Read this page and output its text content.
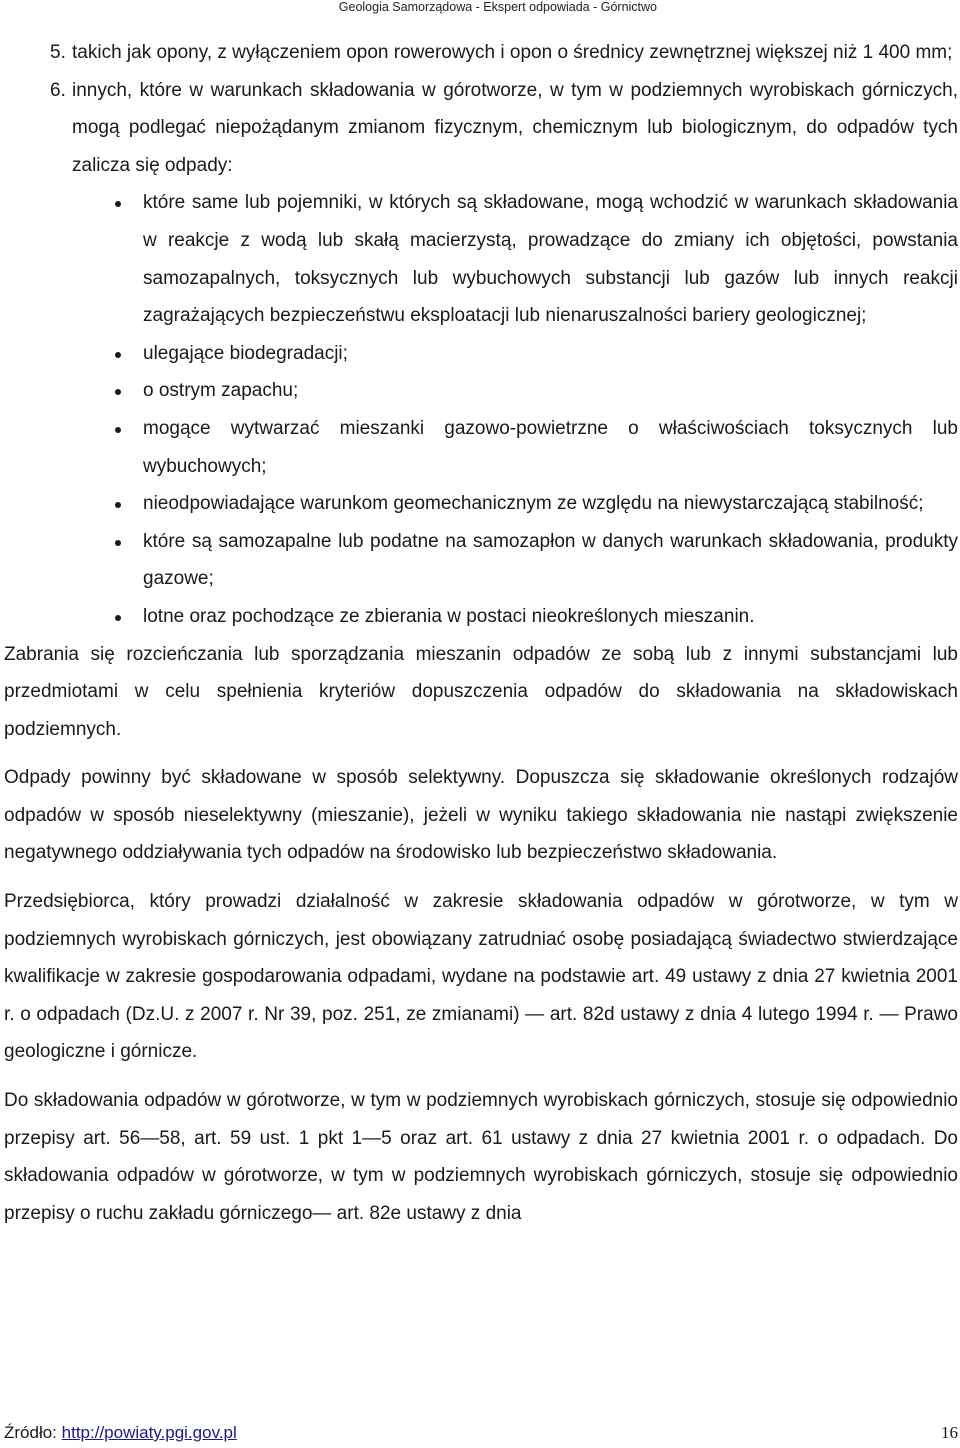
Geologia Samorządowa - Ekspert odpowiada - Górnictwo

5. takich jak opony, z wyłączeniem opon rowerowych i opon o średnicy zewnętrznej większej niż 1 400 mm;

6. innych, które w warunkach składowania w górotworze, w tym w podziemnych wyrobiskach górniczych, mogą podlegać niepożądanym zmianom fizycznym, chemicznym lub biologicznym, do odpadów tych zalicza się odpady:

które same lub pojemniki, w których są składowane, mogą wchodzić w warunkach składowania w reakcje z wodą lub skałą macierzystą, prowadzące do zmiany ich objętości, powstania samozapalnych, toksycznych lub wybuchowych substancji lub gazów lub innych reakcji zagrażających bezpieczeństwu eksploatacji lub nienaruszalności bariery geologicznej;
ulegające biodegradacji;
o ostrym zapachu;
mogące wytwarzać mieszanki gazowo-powietrzne o właściwościach toksycznych lub wybuchowych;
nieodpowiadające warunkom geomechanicznym ze względu na niewystarczającą stabilność;
które są samozapalne lub podatne na samozapłon w danych warunkach składowania, produkty gazowe;
lotne oraz pochodzące ze zbierania w postaci nieokreślonych mieszanin.

Zabrania się rozcieńczania lub sporządzania mieszanin odpadów ze sobą lub z innymi substancjami lub przedmiotami w celu spełnienia kryteriów dopuszczenia odpadów do składowania na składowiskach podziemnych.

Odpady powinny być składowane w sposób selektywny. Dopuszcza się składowanie określonych rodzajów odpadów w sposób nieselektywny (mieszanie), jeżeli w wyniku takiego składowania nie nastąpi zwiększenie negatywnego oddziaływania tych odpadów na środowisko lub bezpieczeństwo składowania.

Przedsiębiorca, który prowadzi działalność w zakresie składowania odpadów w górotworze, w tym w podziemnych wyrobiskach górniczych, jest obowiązany zatrudniać osobę posiadającą świadectwo stwierdzające kwalifikacje w zakresie gospodarowania odpadami, wydane na podstawie art. 49 ustawy z dnia 27 kwietnia 2001 r. o odpadach (Dz.U. z 2007 r. Nr 39, poz. 251, ze zmianami) — art. 82d ustawy z dnia 4 lutego 1994 r. — Prawo geologiczne i górnicze.

Do składowania odpadów w górotworze, w tym w podziemnych wyrobiskach górniczych, stosuje się odpowiednio przepisy art. 56—58, art. 59 ust. 1 pkt 1—5 oraz art. 61 ustawy z dnia 27 kwietnia 2001 r. o odpadach. Do składowania odpadów w górotworze, w tym w podziemnych wyrobiskach górniczych, stosuje się odpowiednio przepisy o ruchu zakładu górniczego— art. 82e ustawy z dnia

Źródło: http://powiaty.pgi.gov.pl	16
